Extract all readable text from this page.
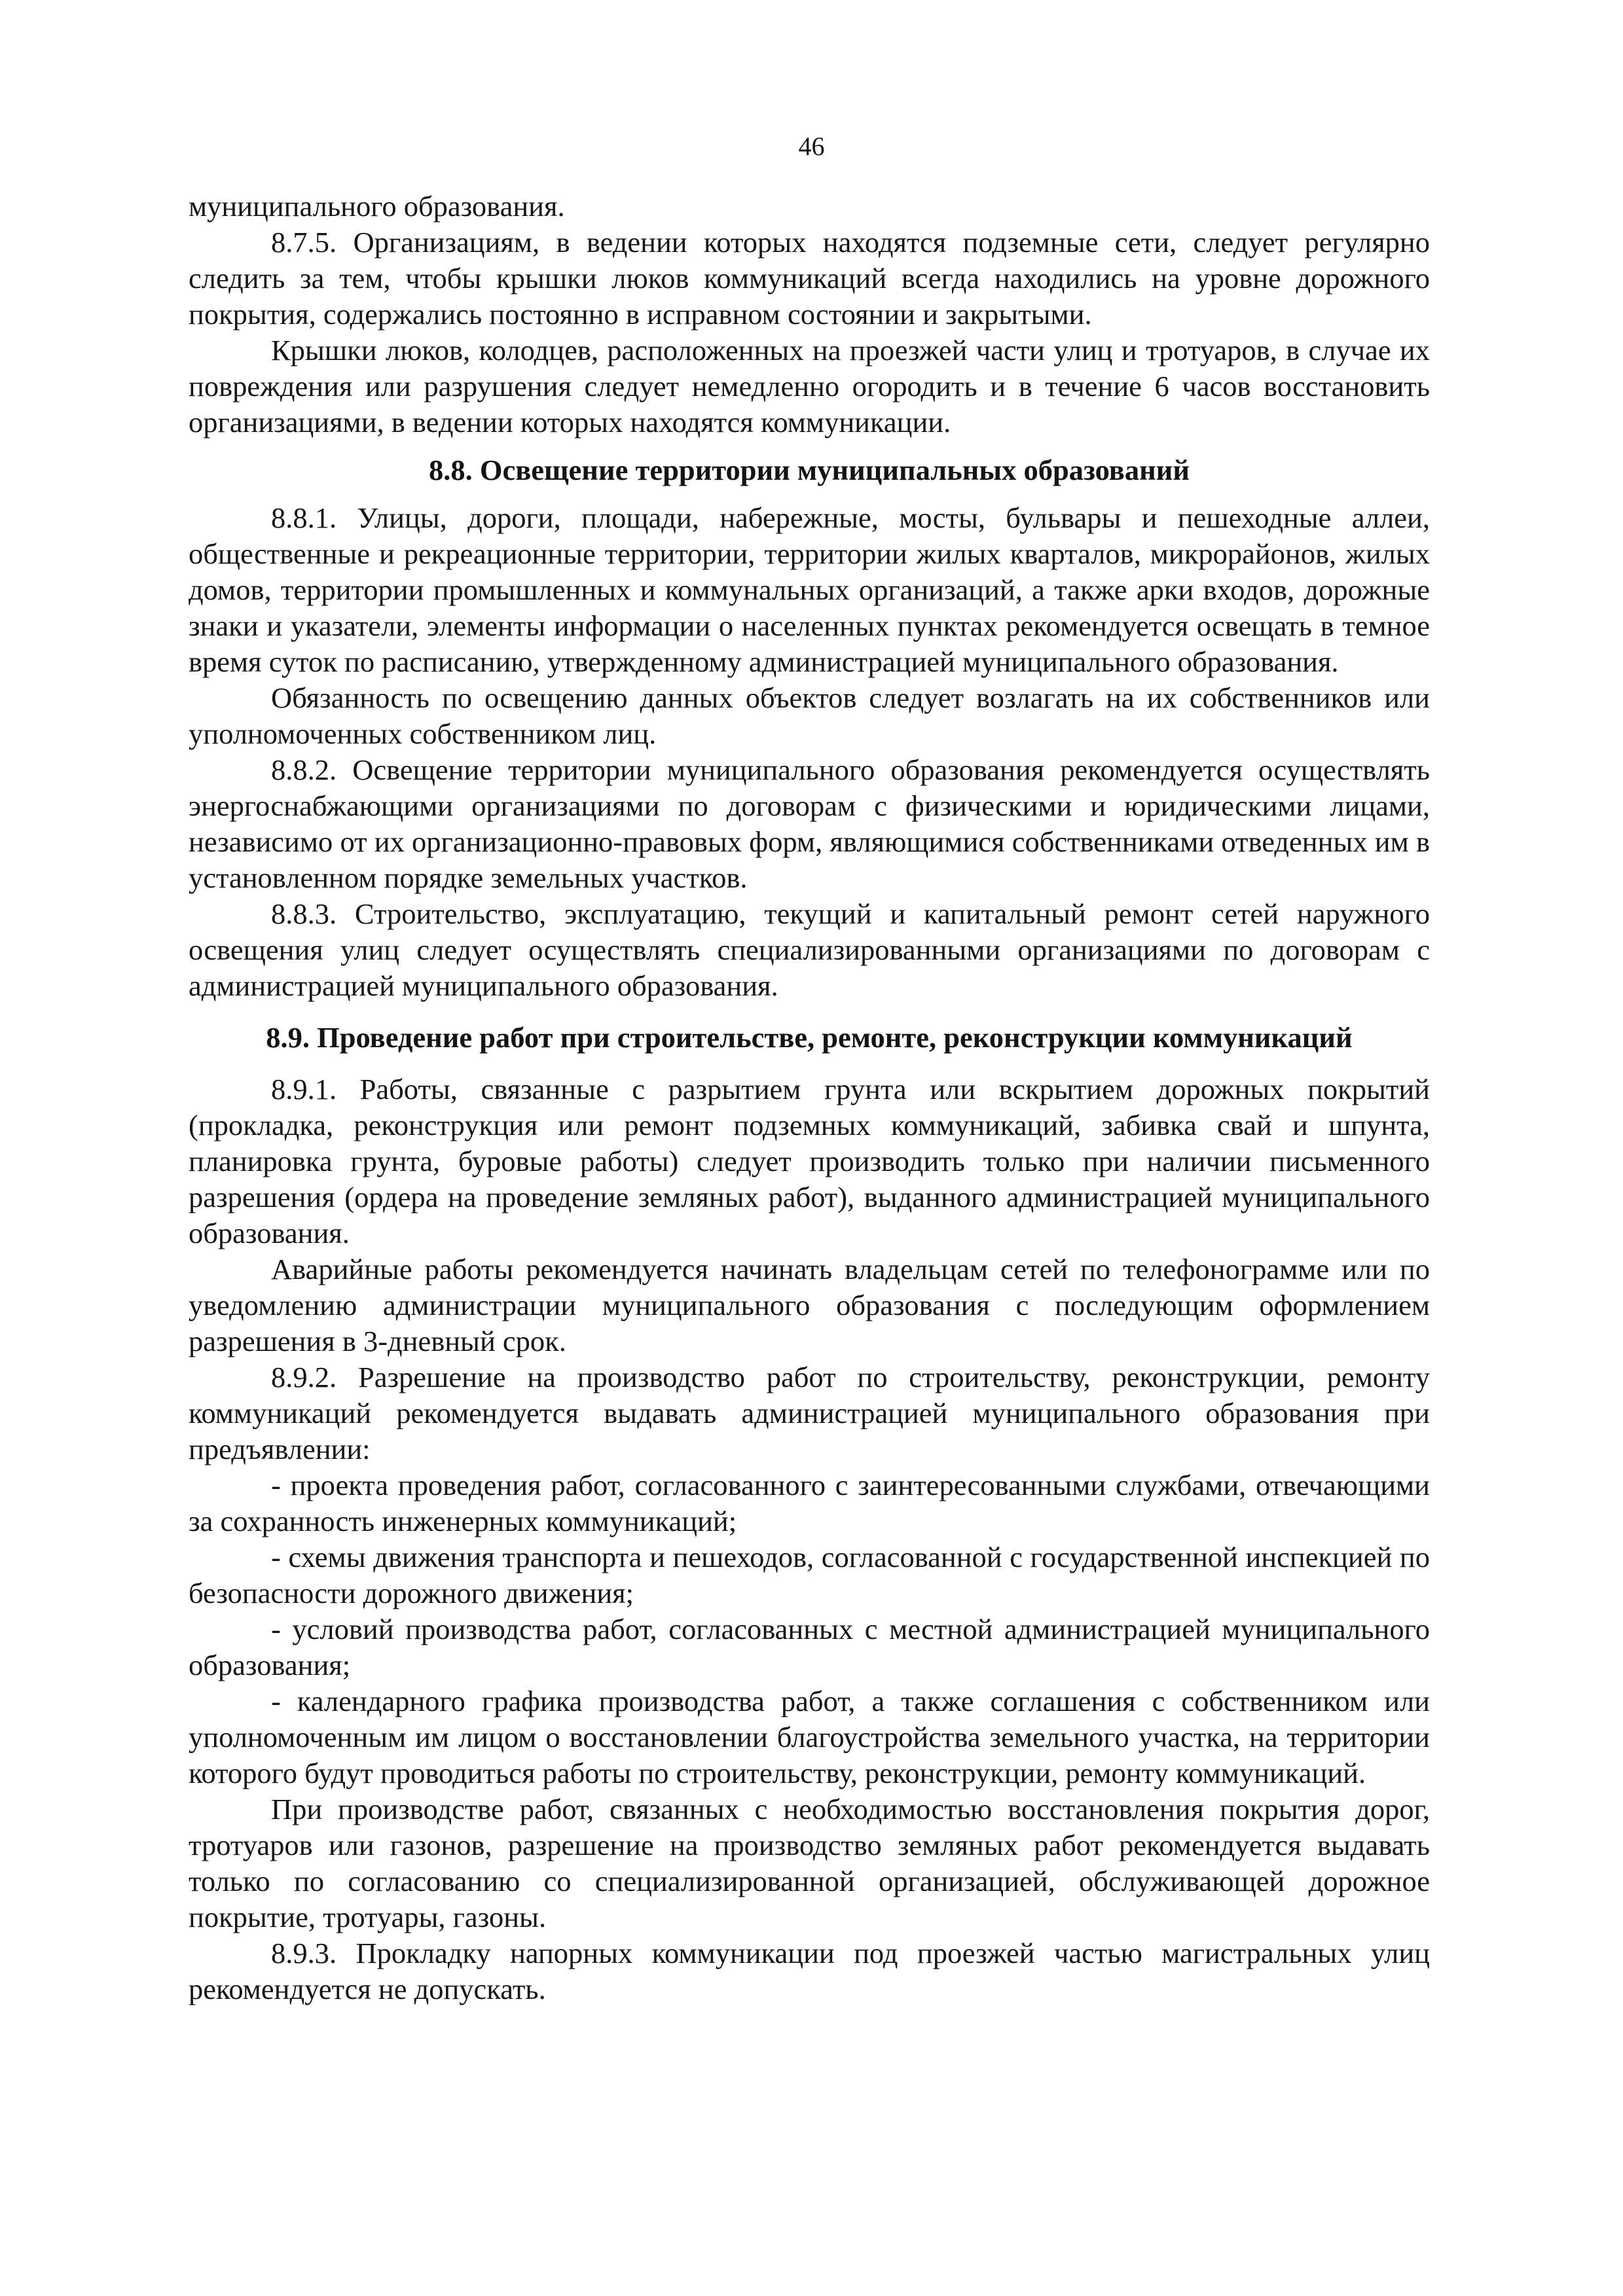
46

муниципального образования.

8.7.5. Организациям, в ведении которых находятся подземные сети, следует регулярно следить за тем, чтобы крышки люков коммуникаций всегда находились на уровне дорожного покрытия, содержались постоянно в исправном состоянии и закрытыми.

Крышки люков, колодцев, расположенных на проезжей части улиц и тротуаров, в случае их повреждения или разрушения следует немедленно огородить и в течение 6 часов восстановить организациями, в ведении которых находятся коммуникации.

8.8. Освещение территории муниципальных образований

8.8.1. Улицы, дороги, площади, набережные, мосты, бульвары и пешеходные аллеи, общественные и рекреационные территории, территории жилых кварталов, микрорайонов, жилых домов, территории промышленных и коммунальных организаций, а также арки входов, дорожные знаки и указатели, элементы информации о населенных пунктах рекомендуется освещать в темное время суток по расписанию, утвержденному администрацией муниципального образования.

Обязанность по освещению данных объектов следует возлагать на их собственников или уполномоченных собственником лиц.

8.8.2. Освещение территории муниципального образования рекомендуется осуществлять энергоснабжающими организациями по договорам с физическими и юридическими лицами, независимо от их организационно-правовых форм, являющимися собственниками отведенных им в установленном порядке земельных участков.

8.8.3. Строительство, эксплуатацию, текущий и капитальный ремонт сетей наружного освещения улиц следует осуществлять специализированными организациями по договорам с администрацией муниципального образования.

8.9. Проведение работ при строительстве, ремонте, реконструкции коммуникаций

8.9.1. Работы, связанные с разрытием грунта или вскрытием дорожных покрытий (прокладка, реконструкция или ремонт подземных коммуникаций, забивка свай и шпунта, планировка грунта, буровые работы) следует производить только при наличии письменного разрешения (ордера на проведение земляных работ), выданного администрацией муниципального образования.

Аварийные работы рекомендуется начинать владельцам сетей по телефонограмме или по уведомлению администрации муниципального образования с последующим оформлением разрешения в 3-дневный срок.

8.9.2. Разрешение на производство работ по строительству, реконструкции, ремонту коммуникаций рекомендуется выдавать администрацией муниципального образования при предъявлении:

- проекта проведения работ, согласованного с заинтересованными службами, отвечающими за сохранность инженерных коммуникаций;

- схемы движения транспорта и пешеходов, согласованной с государственной инспекцией по безопасности дорожного движения;

- условий производства работ, согласованных с местной администрацией муниципального образования;

- календарного графика производства работ, а также соглашения с собственником или уполномоченным им лицом о восстановлении благоустройства земельного участка, на территории которого будут проводиться работы по строительству, реконструкции, ремонту коммуникаций.

При производстве работ, связанных с необходимостью восстановления покрытия дорог, тротуаров или газонов, разрешение на производство земляных работ рекомендуется выдавать только по согласованию со специализированной организацией, обслуживающей дорожное покрытие, тротуары, газоны.

8.9.3. Прокладку напорных коммуникации под проезжей частью магистральных улиц рекомендуется не допускать.
